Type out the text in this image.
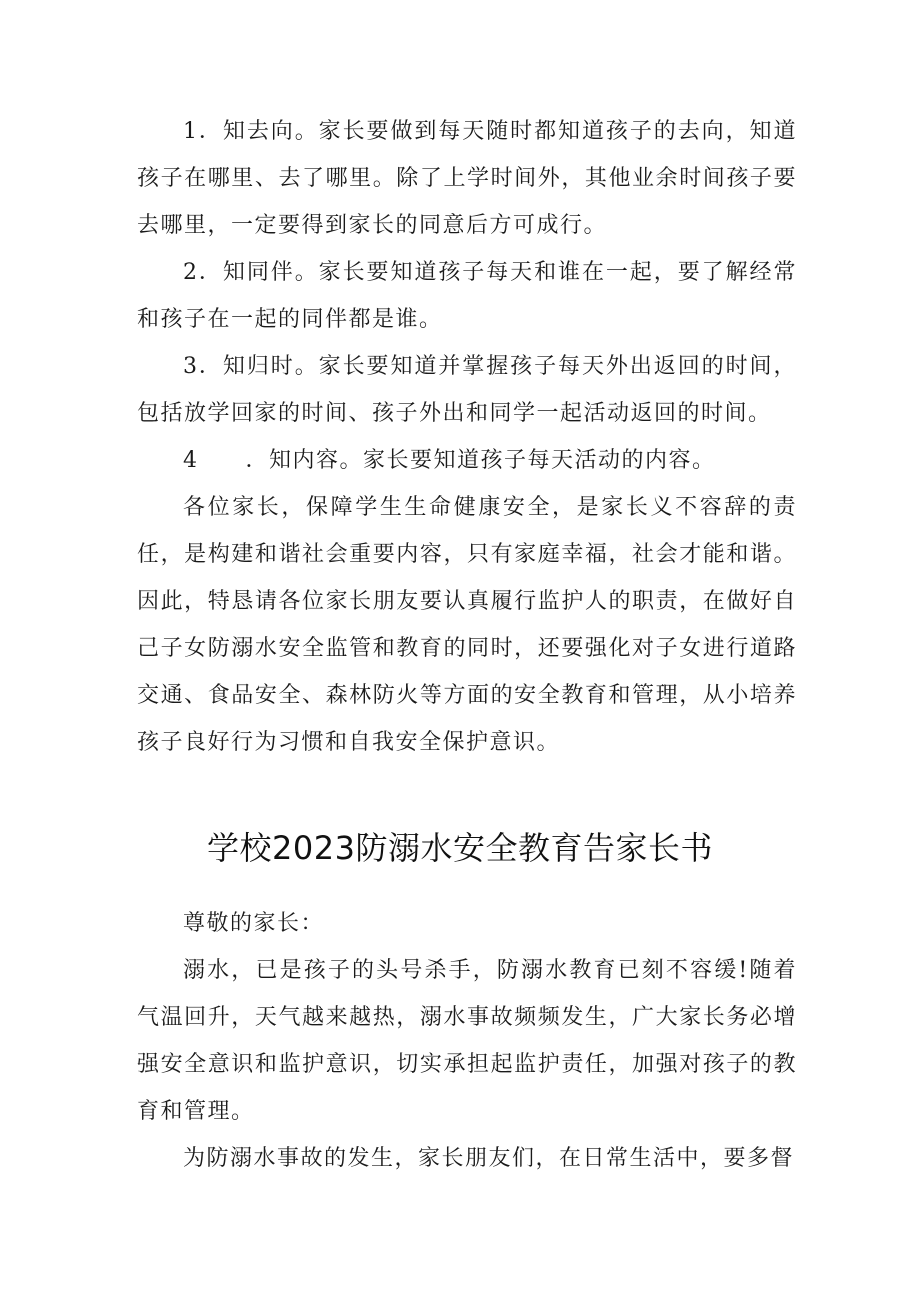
1．知去向。家长要做到每天随时都知道孩子的去向，知道孩子在哪里、去了哪里。除了上学时间外，其他业余时间孩子要去哪里，一定要得到家长的同意后方可成行。

2．知同伴。家长要知道孩子每天和谁在一起，要了解经常和孩子在一起的同伴都是谁。

3．知归时。家长要知道并掌握孩子每天外出返回的时间，包括放学回家的时间、孩子外出和同学一起活动返回的时间。

4　　．知内容。家长要知道孩子每天活动的内容。

各位家长，保障学生生命健康安全，是家长义不容辞的责任，是构建和谐社会重要内容，只有家庭幸福，社会才能和谐。因此，特恳请各位家长朋友要认真履行监护人的职责，在做好自己子女防溺水安全监管和教育的同时，还要强化对子女进行道路交通、食品安全、森林防火等方面的安全教育和管理，从小培养孩子良好行为习惯和自我安全保护意识。

学校2023防溺水安全教育告家长书

尊敬的家长：

溺水，已是孩子的头号杀手，防溺水教育已刻不容缓!随着气温回升，天气越来越热，溺水事故频频发生，广大家长务必增强安全意识和监护意识，切实承担起监护责任，加强对孩子的教育和管理。

为防溺水事故的发生，家长朋友们，在日常生活中，要多督
